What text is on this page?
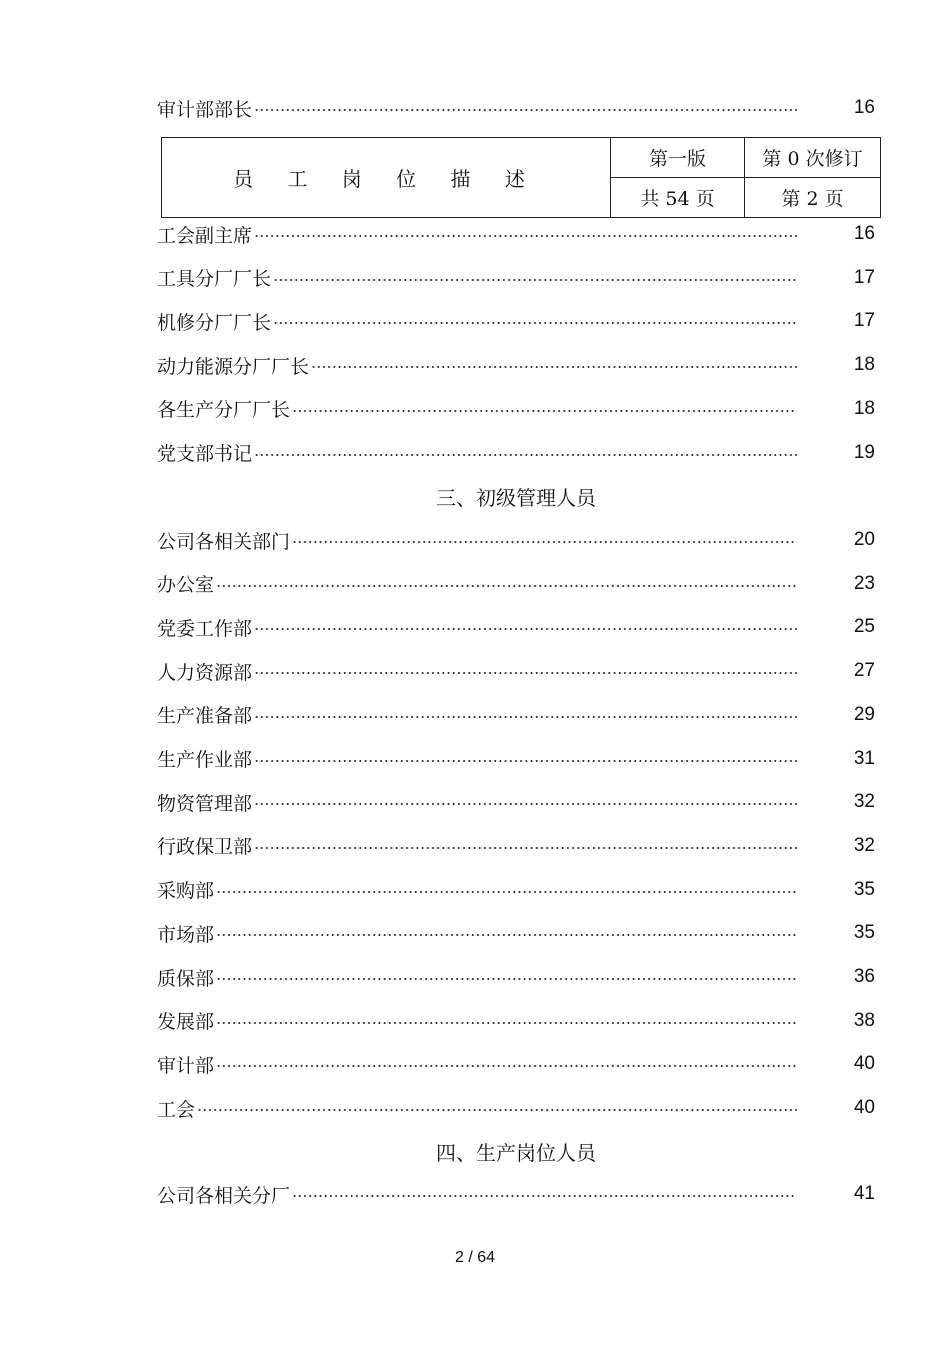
审计部部长	16
员 工 岗 位 描 述	第一版	第 0 次修订
	共 54 页	第 2 页
工会副主席	16
工具分厂厂长	17
机修分厂厂长	17
动力能源分厂厂长	18
各生产分厂厂长	18
党支部书记	19
三、初级管理人员
公司各相关部门	20
办公室	23
党委工作部	25
人力资源部	27
生产准备部	29
生产作业部	31
物资管理部	32
行政保卫部	32
采购部	35
市场部	35
质保部	36
发展部	38
审计部	40
工会	40
四、生产岗位人员
公司各相关分厂	41
2 / 64
